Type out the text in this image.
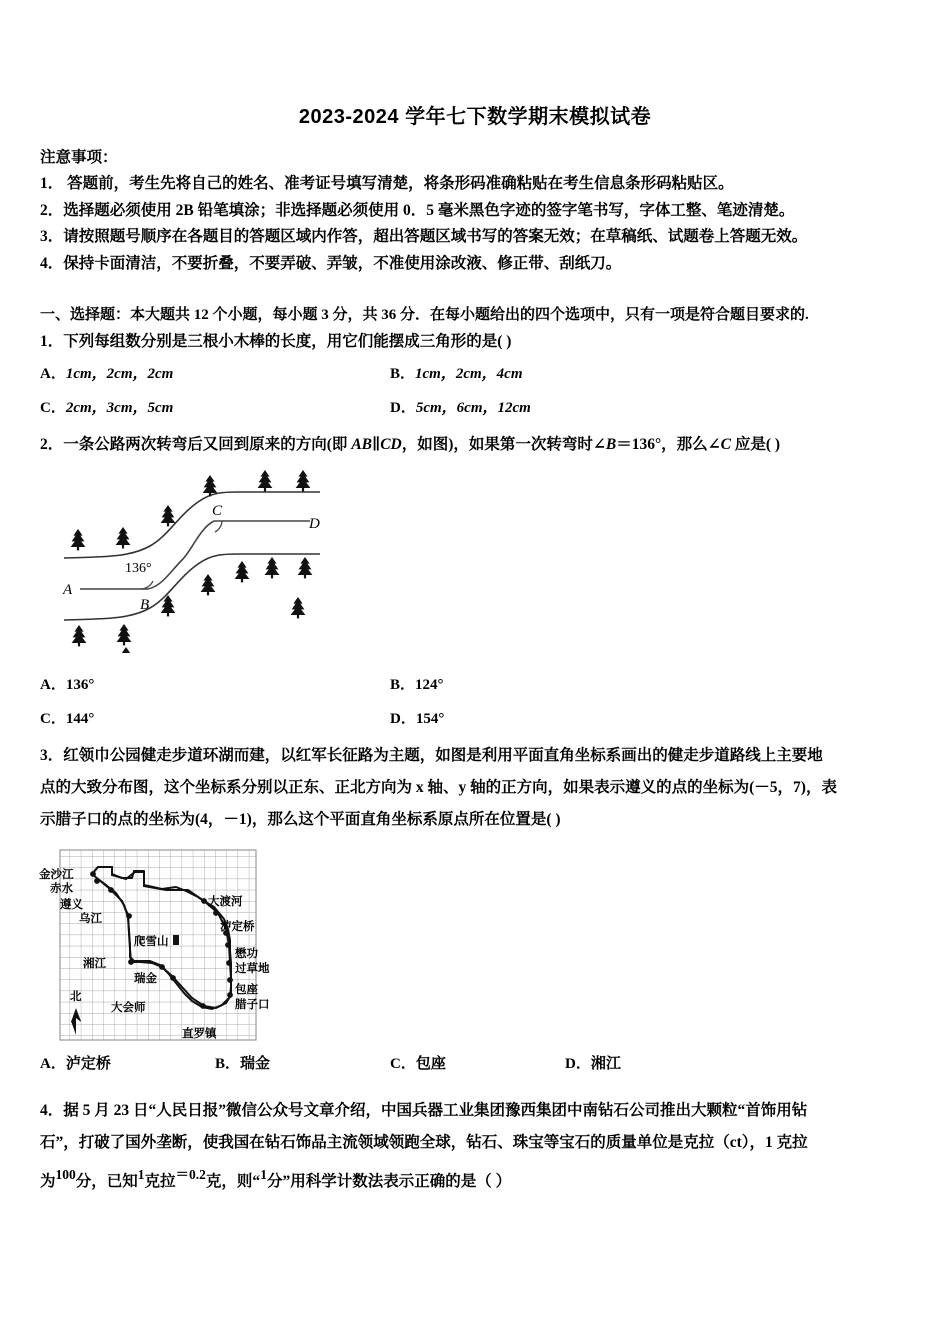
2023-2024 学年七下数学期末模拟试卷
注意事项：
1． 答题前，考生先将自己的姓名、准考证号填写清楚，将条形码准确粘贴在考生信息条形码粘贴区。
2．选择题必须使用 2B 铅笔填涂；非选择题必须使用 0．5 毫米黑色字迹的签字笔书写，字体工整、笔迹清楚。
3．请按照题号顺序在各题目的答题区域内作答，超出答题区域书写的答案无效；在草稿纸、试题卷上答题无效。
4．保持卡面清洁，不要折叠，不要弄破、弄皱，不准使用涂改液、修正带、刮纸刀。
一、选择题：本大题共 12 个小题，每小题 3 分，共 36 分．在每小题给出的四个选项中，只有一项是符合题目要求的.
1．下列每组数分别是三根小木棒的长度，用它们能摆成三角形的是( )
A．1cm，2cm，2cm	B．1cm，2cm，4cm
C．2cm，3cm，5cm	D．5cm，6cm，12cm
2．一条公路两次转弯后又回到原来的方向(即 AB∥CD，如图)，如果第一次转弯时∠B＝136°，那么∠C 应是( )
A
B
C
D
136°
A．136°	B．124°
C．144°	D．154°
3．红领巾公园健走步道环湖而建，以红军长征路为主题，如图是利用平面直角坐标系画出的健走步道路线上主要地
点的大致分布图，这个坐标系分别以正东、正北方向为 x 轴、y 轴的正方向，如果表示遵义的点的坐标为(－5，7)，表
示腊子口的点的坐标为(4，－1)，那么这个平面直角坐标系原点所在位置是( )
金沙江
赤水
遵义
乌江
湘江
大会师
瑞金
大渡河
泸定桥
爬雪山
懋功
过草地
包座
腊子口
直罗镇
北
A．泸定桥	B．瑞金	C．包座	D．湘江
4．据 5 月 23 日“人民日报”微信公众号文章介绍，中国兵器工业集团豫西集团中南钻石公司推出大颗粒“首饰用钻
石”，打破了国外垄断，使我国在钻石饰品主流领域领跑全球，钻石、珠宝等宝石的质量单位是克拉（ct），1 克拉
为100分，已知1克拉＝0.2克，则“1分”用科学计数法表示正确的是（ ）
